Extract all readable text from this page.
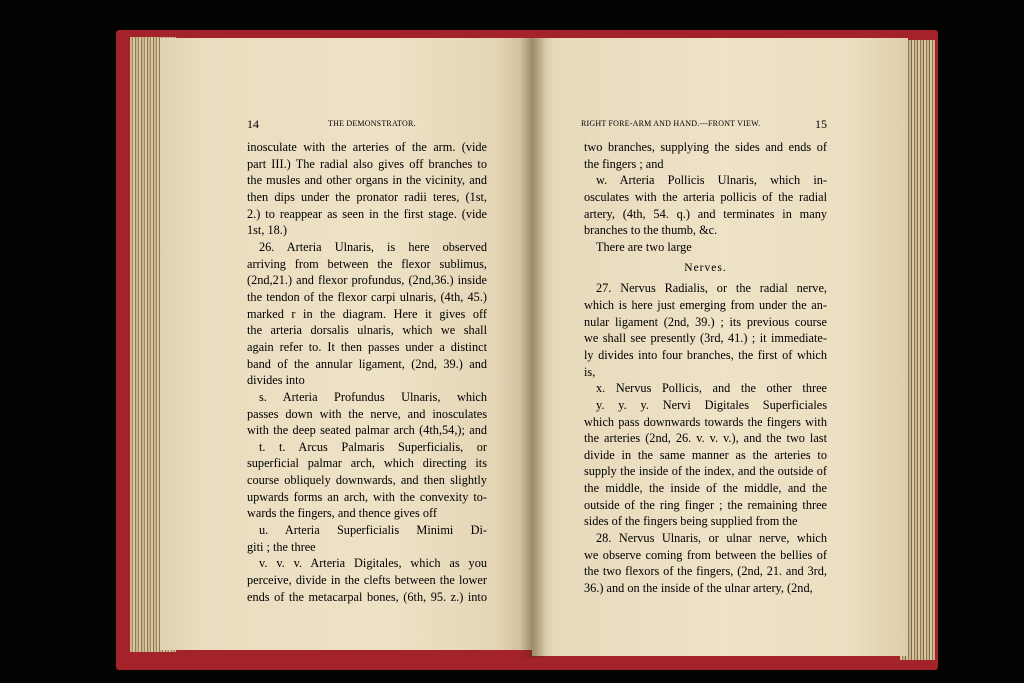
14	THE DEMONSTRATOR.	RIGHT FORE-ARM AND HAND.---FRONT VIEW.	15
inosculate with the arteries of the arm. (vide
part III.) The radial also gives off branches to
the musles and other organs in the vicinity, and
then dips under the pronator radii teres, (1st,
2.) to reappear as seen in the first stage. (vide
1st, 18.)
26. Arteria Ulnaris, is here observed
arriving from between the flexor sublimus,
(2nd,21.) and flexor profundus, (2nd,36.) inside
the tendon of the flexor carpi ulnaris, (4th, 45.)
marked r in the diagram. Here it gives off
the arteria dorsalis ulnaris, which we shall
again refer to. It then passes under a distinct
band of the annular ligament, (2nd, 39.) and
divides into
s. Arteria Profundus Ulnaris, which
passes down with the nerve, and inosculates
with the deep seated palmar arch (4th,54,); and
t. t. Arcus Palmaris Superficialis, or
superficial palmar arch, which directing its
course obliquely downwards, and then slightly
upwards forms an arch, with the convexity to-
wards the fingers, and thence gives off
u. Arteria Superficialis Minimi Di-
giti ; the three
v. v. v. Arteria Digitales, which as you
perceive, divide in the clefts between the lower
ends of the metacarpal bones, (6th, 95. z.) into
two branches, supplying the sides and ends of
the fingers ; and
w. Arteria Pollicis Ulnaris, which in-
osculates with the arteria pollicis of the radial
artery, (4th, 54. q.) and terminates in many
branches to the thumb, &c.
There are two large
Nerves.
27. Nervus Radialis, or the radial nerve,
which is here just emerging from under the an-
nular ligament (2nd, 39.) ; its previous course
we shall see presently (3rd, 41.) ; it immediate-
ly divides into four branches, the first of which
is,
x. Nervus Pollicis, and the other three
y. y. y. Nervi Digitales Superficiales
which pass downwards towards the fingers with
the arteries (2nd, 26. v. v. v.), and the two last
divide in the same manner as the arteries to
supply the inside of the index, and the outside of
the middle, the inside of the middle, and the
outside of the ring finger ; the remaining three
sides of the fingers being supplied from the
28. Nervus Ulnaris, or ulnar nerve, which
we observe coming from between the bellies of
the two flexors of the fingers, (2nd, 21. and 3rd,
36.) and on the inside of the ulnar artery, (2nd,
